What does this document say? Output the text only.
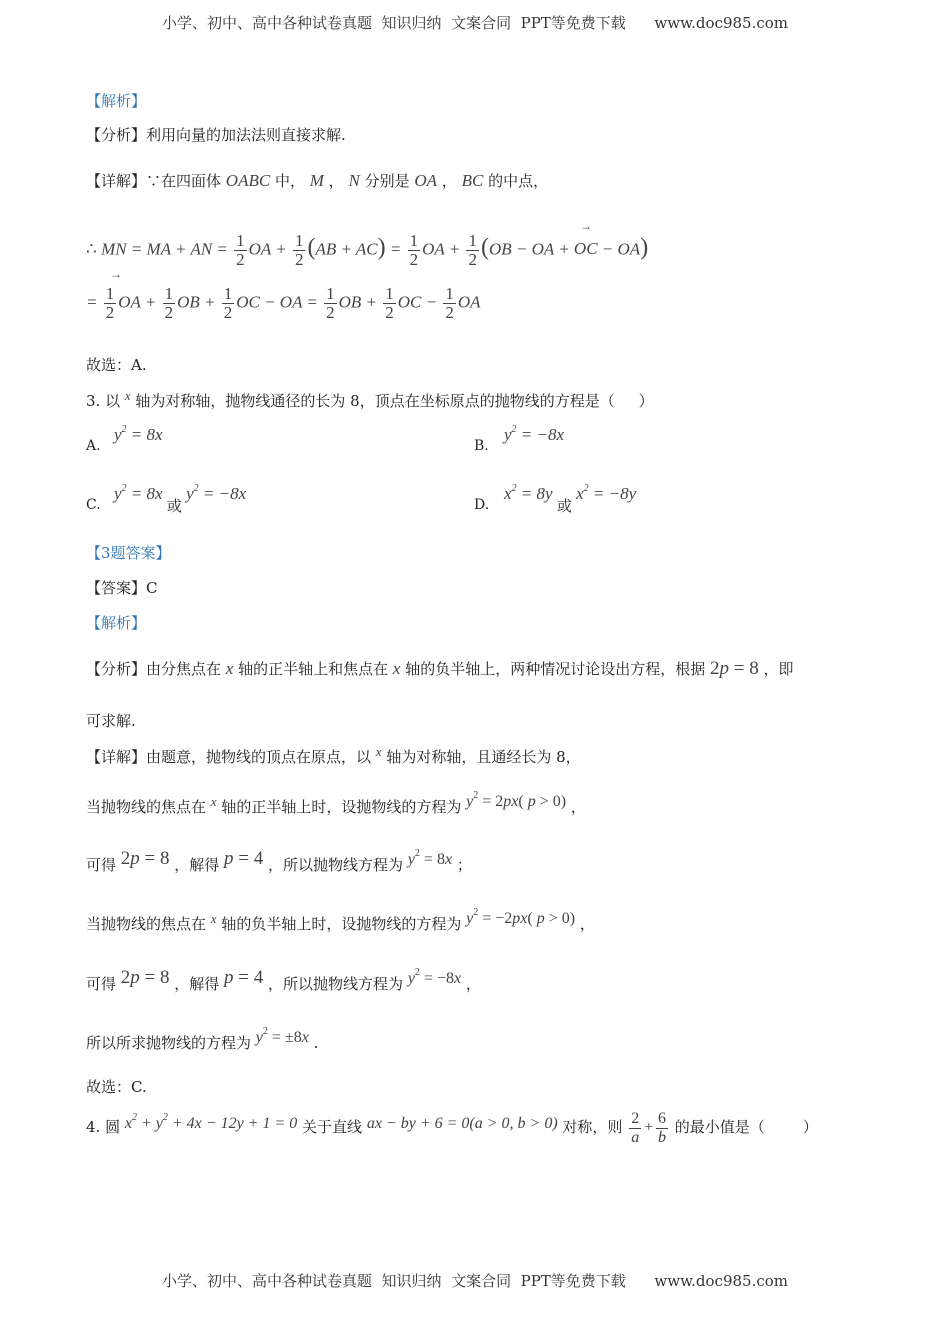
小学、初中、高中各种试卷真题  知识归纳  文案合同  PPT等免费下载      www.doc985.com
【解析】
【分析】利用向量的加法法则直接求解.
【详解】∵在四面体 OABC 中， M ， N 分别是 OA ， BC 的中点，
∴ MN = MA + AN = $\frac{1}{2}$ OA + $\frac{1}{2} (AB + AC) = \frac{1}{2}$ OA + $\frac{1}{2} (OB$ − OA + OC
→
− OA)
→
= $\frac{1}{2}$ OA + $\frac{1}{2}$ OB + $\frac{1}{2}$ OC − OA = $\frac{1}{2}$ OB + $\frac{1}{2}$ OC − $\frac{1}{2}$ OA
故选：A.
3. 以 x 轴为对称轴，抛物线通径的长为 8，顶点在坐标原点的抛物线的方程是（     ）
A.
$y^2 = 8x$
B.
$y^2 = -8x$
C.
$y^2 = 8x$ 或 $y^2 = -8x$
D.
$x^2 = 8y$ 或 $x^2 = -8y$
【3题答案】
【答案】C
【解析】
【分析】由分焦点在 x 轴的正半轴上和焦点在 x 轴的负半轴上，两种情况讨论设出方程，根据 2p = 8 ，即
可求解.
【详解】由题意，抛物线的顶点在原点，以 x 轴为对称轴，且通经长为 8，
当抛物线的焦点在 x 轴的正半轴上时，设抛物线的方程为 $y^2 = 2px$( p > 0) ，
可得 2p = 8 ，解得 p = 4 ，所以抛物线方程为 $y^2 = 8x$ ；
当抛物线的焦点在 x 轴的负半轴上时，设抛物线的方程为 $y^2 = -2px$( p > 0) ，
可得 2p = 8 ，解得 p = 4 ，所以抛物线方程为 $y^2 = -8x$ ，
所以所求抛物线的方程为 $y^2 = \pm 8x$ .
故选：C.
4. 圆 $x^2 + y^2 + 4x - 12y + 1 = 0$ 关于直线 ax − by + 6 = 0(a > 0, b > 0) 对称，则 $\frac{2}{a} + \frac{6}{b}$ 的最小值是（        ）
小学、初中、高中各种试卷真题  知识归纳  文案合同  PPT等免费下载      www.doc985.com
